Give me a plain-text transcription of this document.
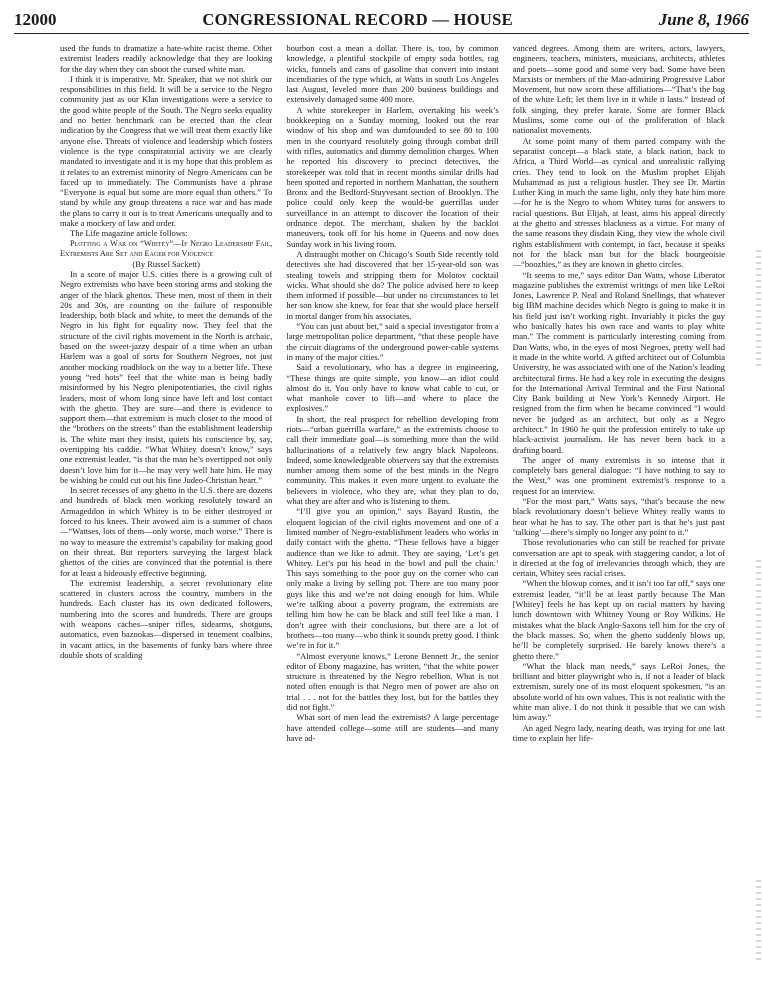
12000	CONGRESSIONAL RECORD — HOUSE	June 8, 1966

used the funds to dramatize a hate-white racist theme. Other extremist leaders readily acknowledge that they are looking for the day when they can shoot the cursed white man.

I think it is imperative, Mr. Speaker, that we not shirk our responsibilities in this field. It will be a service to the Negro community just as our Klan investigations were a service to the good white people of the South. The Negro seeks equality and no better benchmark can be erected than the clear indication by the Congress that we will treat them exactly like anyone else. Threats of violence and leadership which fosters violence is the type conspiratorial activity we are clearly mandated to investigate and it is my hope that this problem as it relates to an extremist minority of Negro Americans can be faced up to immediately. The Communists have a phrase “Everyone is equal but some are more equal than others.” To stand by while any group threatens a race war and has made the plans to carry it out is to treat Americans unequally and to make a mockery of law and order.

The Life magazine article follows:

Plotting a War on “Whitey”—If Negro Leadership Fail, Extremists Are Set and Eager for Violence

(By Russel Sackett)

In a score of major U.S. cities there is a growing cult of Negro extremists who have been storing arms and stoking the anger of the black ghettos. These men, most of them in their 20s and 30s, are counting on the failure of responsible leadership, both black and white, to meet the demands of the Negro in his fight for equality now. They feel that the structure of the civil rights movement in the North is archaic, based on the sweet-jazzy despair of a time when an urban Harlem was a goal of sorts for Southern Negroes, not just another mocking roadblock on the way to a better life. These young “red hots” feel that the white man is being badly misinformed by his Negro plenipotentiaries, the civil rights leaders, most of whom long since have left and lost contact with the ghetto. They are sure—and there is evidence to support them—that extremism is much closer to the mood of the “brothers on the streets” than the establishment leadership is. The white man they insist, quiets his conscience by, say, overtipping his caddie. “What Whitey doesn’t know,” says one extremist leader, “is that the man he’s overtipped not only doesn’t love him for it—he may very well hate him. He may be wishing he could cut out his fine Judeo-Christian heart.”

In secret recesses of any ghetto in the U.S. there are dozens and hundreds of black men working resolutely toward an Armageddon in which Whitey is to be either destroyed or forced to his knees. Their avowed aim is a summer of chaos—“Wattses, lots of them—only worse, much worse.” There is no way to measure the extremist’s capability for making good on their threat. But reporters surveying the largest black ghettos of the cities are convinced that the potential is there for at least a hideously effective beginning.

The extremist leadership, a secret revolutionary elite scattered in clusters across the country, numbers in the hundreds. Each cluster has its own dedicated followers, numbering into the scores and hundreds. There are groups with weapons caches—sniper rifles, sidearms, shotguns, automatics, even bazookas—dispersed in tenement coalbins, in vacant attics, in the basements of funky bars where three double shots of scalding

bourbon cost a mean a dollar. There is, too, by common knowledge, a plentiful stockpile of empty soda bottles, rag wicks, funnels and cans of gasoline that convert into instant incendiaries of the type which, at Watts in south Los Angeles last August, leveled more than 200 business buildings and extensively damaged some 400 more.

A white storekeeper in Harlem, overtaking his week’s bookkeeping on a Sunday morning, looked out the rear window of his shop and was dumfounded to see 80 to 100 men in the courtyard resolutely going through combat drill with rifles, automatics and dummy demolition charges. When he reported his discovery to precinct detectives, the storekeeper was told that in recent months similar drills had been spotted and reported in northern Manhattan, the southern Bronx and the Bedford-Stuyvesant section of Brooklyn. The police could only keep the would-be guerrillas under surveillance in an attempt to discover the location of their ordnance depot. The merchant, shaken by the backlot maneuvers, took off for his home in Queens and now does Sunday work in his living room.

A distraught mother on Chicago’s South Side recently told detectives she had discovered that her 15-year-old son was stealing towels and stripping them for Molotov cocktail wicks. What should she do? The police advised here to keep them informed if possible—but under no circumstances to let her son know she knew, for fear that she would place herself in mortal danger from his associates.

“You can just about bet,” said a special investigator from a large metropolitan police department, “that these people have the circuit diagrams of the underground power-cable systems in many of the major cities.”

Said a revolutionary, who has a degree in engineering, “These things are quite simple, you know—an idiot could almost do it. You only have to know what cable to cut, or what manhole cover to lift—and where to place the explosives.”

In short, the real prospect for rebellion developing from riots—“urban guerrilla warfare,” as the extremists choose to call their immediate goal—is something more than the wild hallucinations of a relatively few angry black Napoleons. Indeed, some knowledgeable observers say that the extremists number among them some of the best minds in the Negro community. This makes it even more urgent to evaluate the believers in violence, who they are, what they plan to do, what they are after and who is listening to them.

“I’ll give you an opinion,” says Bayard Rustin, the eloquent logician of the civil rights movement and one of a limited number of Negro-establishment leaders who works in daily contact with the ghetto. “These fellows have a bigger audience than we like to admit. They are saying, ‘Let’s get Whitey. Let’s put his head in the bowl and pull the chain.’ This says something to the poor guy on the corner who can only make a living by selling pot. There are too many poor guys like this and we’re not doing enough for him. While we’re talking about a poverty program, the extremists are telling him how he can be black and still feel like a man. I don’t agree with their conclusions, but there are a lot of brothers—too many—who think it sounds pretty good. I think we’re in for it.”

“Almost everyone knows,” Lerone Bennett Jr., the senior editor of Ebony magazine, has written, “that the white power structure is threatened by the Negro rebellion. What is not noted often enough is that Negro men of power are also on trial . . . not for the battles they lost, but for the battles they did not fight.”

What sort of men lead the extremists? A large percentage have attended college—some still are students—and many have ad-

vanced degrees. Among them are writers, actors, lawyers, engineers, teachers, ministers, musicians, architects, athletes and poets—some good and some very bad. Some have been Marxists or members of the Mao-admiring Progressive Labor Movement, but now scorn these affiliations—“That’s the bag of the white Left; let them live in it while it lasts.” Instead of folk singing, they prefer karate. Some are former Black Muslims, some come out of the proliferation of black nationalist movements.

At some point many of them parted company with the separatist concept—a black state, a black nation, back to Africa, a Third World—as cynical and unrealistic rallying cries. They tend to look on the Muslim prophet Elijah Muhammad as just a religious hustler. They see Dr. Martin Luther King in much the same light, only they hate him more—for he is the Negro to whom Whitey turns for answers to racial questions. But Elijah, at least, aims his appeal directly at the ghetto and stresses blackness as a virtue. For many of the same reasons they disdain King, they view the whole civil rights establishment with contempt, in fact, because it speaks not for the black man but for the black bourgeoisie—“boozhies,” as they are known in ghetto circles.

“It seems to me,” says editor Dan Watts, whose Liberator magazine publishes the extremist writings of men like LeRoi Jones, Lawrence P. Neal and Roland Snellings, that whatever big IBM machine decides which Negro is going to make it in his field just isn’t working right. Invariably it picks the guy who basically hates his own race and wants to play white man.” The comment is particularly interesting coming from Dan Watts, who, in the eyes of most Negroes, pretty well had it made in the white world. A gifted architect out of Columbia University, he was associated with one of the Nation’s leading architectural firms. He had a key role in executing the designs for the International Arrival Terminal and the First National City Bank building at New York’s Kennedy Airport. He resigned from the firm when he became convinced “I would never be judged as an architect, but only as a Negro architect.” In 1960 he quit the profession entirely to take up black-activist journalism. He has never been back to a drafting board.

The anger of many extremists is so intense that it completely bars general dialogue: “I have nothing to say to the West,” was one prominent extremist’s response to a request for an interview.

“For the most part,” Watts says, “that’s because the new black revolutionary doesn’t believe Whitey really wants to hear what he has to say. The other part is that he’s just past ‘talking’—there’s simply no longer any point to it.”

Those revolutionaries who can still be reached for private conversation are apt to speak with staggering candor, a lot of it directed at the fog of irrelevancies through which, they are certain, Whitey sees racial crises.

“When the blowup comes, and it isn’t too far off,” says one extremist leader, “it’ll be at least partly because The Man [Whitey] feels he has kept up on racial matters by having lunch downtown with Whitney Young or Roy Wilkins. He mistakes what the black Anglo-Saxons tell him for the cry of the black masses. So, when the ghetto suddenly blows up, he’ll be completely surprised. He barely knows there’s a ghetto there.”

“What the black man needs,” says LeRoi Jones, the brilliant and bitter playwright who is, if not a leader of black extremism, surely one of its most eloquent spokesmen, “is an absolute world of his own values. This is not realistic with the white man alive. I do not think it possible that we can wish him away.”

An aged Negro lady, nearing death, was trying for one last time to explain her life-
